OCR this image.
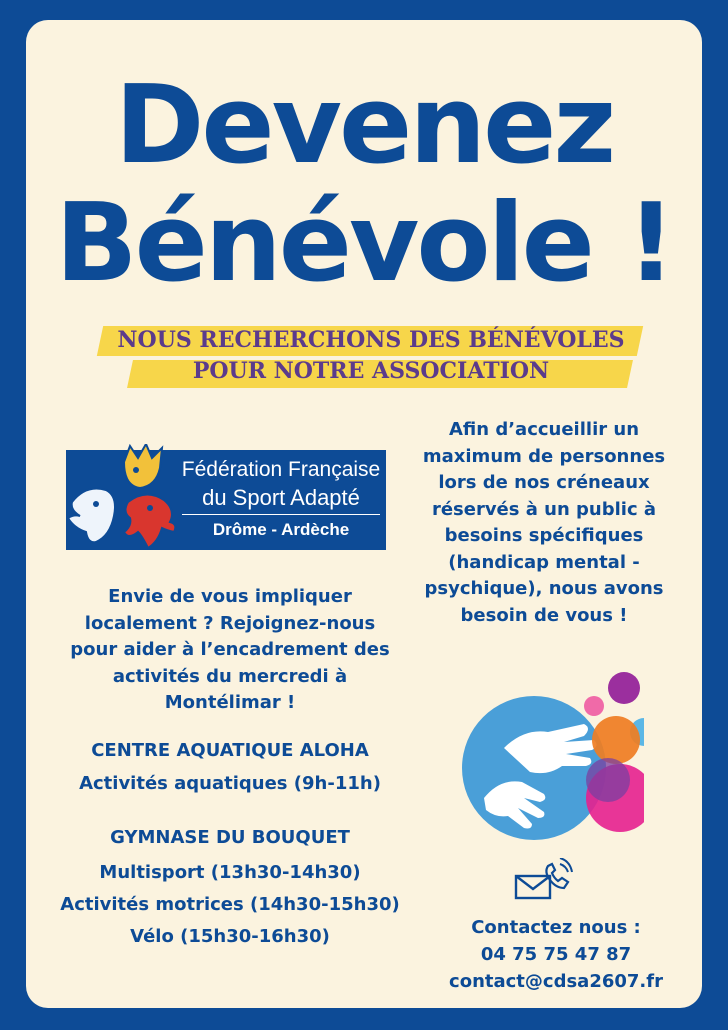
Devenez
Bénévole !
NOUS RECHERCHONS DES BÉNÉVOLES
POUR NOTRE ASSOCIATION
Afin d’accueillir un
maximum de personnes
lors de nos créneaux
réservés à un public à
besoins spécifiques
(handicap mental -
psychique), nous avons
besoin de vous !
Fédération Française
du Sport Adapté
Drôme - Ardèche
Envie de vous impliquer
localement ? Rejoignez-nous
pour aider à l’encadrement des
activités du mercredi à
Montélimar !
CENTRE AQUATIQUE ALOHA
Activités aquatiques (9h-11h)
GYMNASE DU BOUQUET
Multisport (13h30-14h30)
Activités motrices (14h30-15h30)
Vélo (15h30-16h30)	Contactez nous :
04 75 75 47 87
contact@cdsa2607.fr
